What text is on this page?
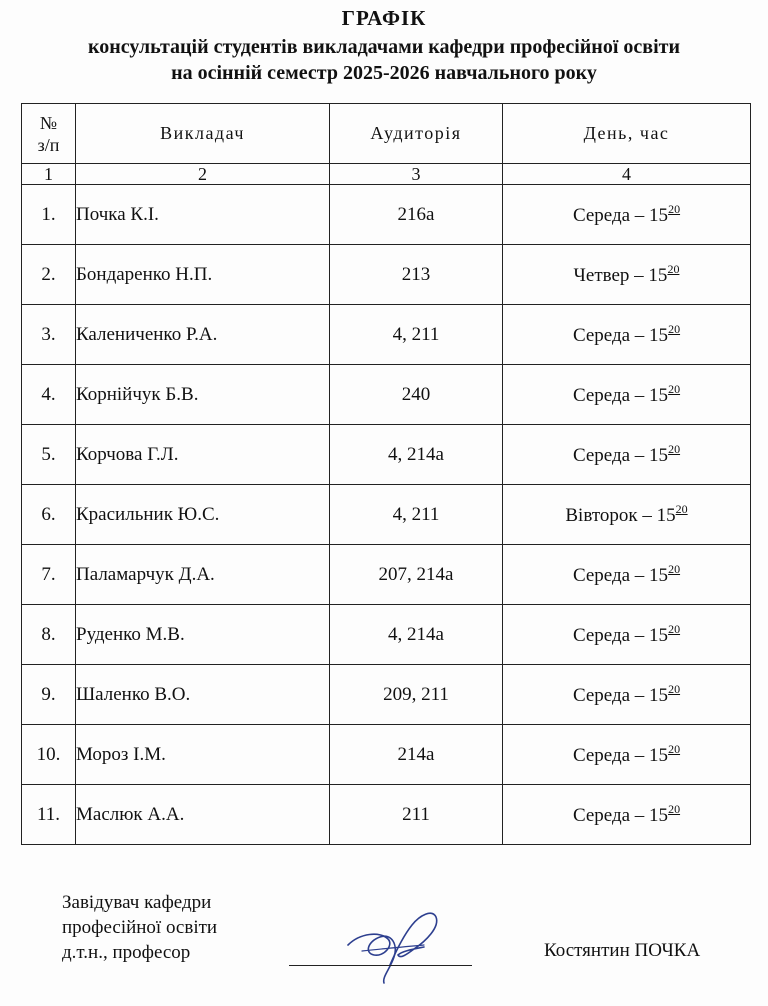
ГРАФІК
консультацій студентів викладачами кафедри професійної освіти
на осінній семестр 2025-2026 навчального року
№
з/п	Викладач	Аудиторія	День, час
1	2	3	4
1.	Почка К.І.	216а	Середа – $15^{20}$
2.	Бондаренко Н.П.	213	Четвер – $15^{20}$
3.	Калениченко Р.А.	4, 211	Середа – $15^{20}$
4.	Корнійчук Б.В.	240	Середа – $15^{20}$
5.	Корчова Г.Л.	4, 214а	Середа – $15^{20}$
6.	Красильник Ю.С.	4, 211	Вівторок – $15^{20}$
7.	Паламарчук Д.А.	207, 214а	Середа – $15^{20}$
8.	Руденко М.В.	4, 214а	Середа – $15^{20}$
9.	Шаленко В.О.	209, 211	Середа – $15^{20}$
10.	Мороз І.М.	214а	Середа – $15^{20}$
11.	Маслюк А.А.	211	Середа – $15^{20}$
Завідувач кафедри
професійної освіти
д.т.н., професор	Костянтин ПОЧКА
